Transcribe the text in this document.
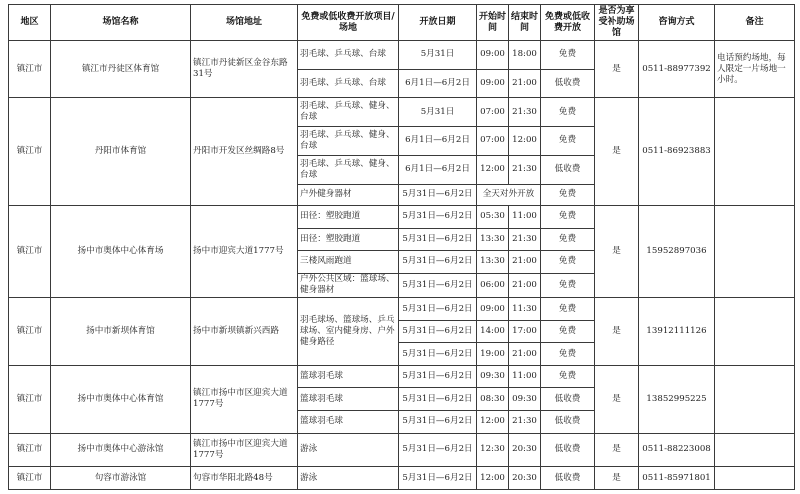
地区	场馆名称	场馆地址	免费或低收费开放项目/场地	开放日期	开始时间	结束时间	免费或低收费开放	是否为享受补助场馆	咨询方式	备注
镇江市	镇江市丹徒区体育馆	镇江市丹徒新区金谷东路31号	羽毛球、乒乓球、台球	5月31日	09:00	18:00	免费	是	0511-88977392	电话预约场地，每人限定一片场地一小时。
			羽毛球、乒乓球、台球	6月1日—6月2日	09:00	21:00	低收费			
镇江市	丹阳市体育馆	丹阳市开发区丝绸路8号	羽毛球、乒乓球、健身、台球	5月31日	07:00	21:30	免费	是	0511-86923883	
			羽毛球、乒乓球、健身、台球	6月1日—6月2日	07:00	12:00	免费			
			羽毛球、乒乓球、健身、台球	6月1日—6月2日	12:00	21:30	低收费			
			户外健身器材	5月31日—6月2日	全天对外开放		免费			
镇江市	扬中市奥体中心体育场	扬中市迎宾大道1777号	田径：塑胶跑道	5月31日—6月2日	05:30	11:00	免费	是	15952897036	
			田径：塑胶跑道	5月31日—6月2日	13:30	21:30	免费			
			三楼风雨跑道	5月31日—6月2日	13:30	21:00	免费			
			户外公共区域：篮球场、健身器材	5月31日—6月2日	06:00	21:00	免费			
镇江市	扬中市新坝体育馆	扬中市新坝镇新兴西路	羽毛球场、篮球场、乒乓球场、室内健身房、户外健身路径	5月31日—6月2日	09:00	11:30	免费	是	13912111126	
				5月31日—6月2日	14:00	17:00	免费			
				5月31日—6月2日	19:00	21:00	免费			
镇江市	扬中市奥体中心体育馆	镇江市扬中市区迎宾大道1777号	篮球羽毛球	5月31日—6月2日	09:30	11:00	免费	是	13852995225	
			篮球羽毛球	5月31日—6月2日	08:30	09:30	低收费			
			篮球羽毛球	5月31日—6月2日	12:00	21:30	低收费			
镇江市	扬中市奥体中心游泳馆	镇江市扬中市区迎宾大道1777号	游泳	5月31日—6月2日	12:30	20:30	低收费	是	0511-88223008	
镇江市	句容市游泳馆	句容市华阳北路48号	游泳	5月31日—6月2日	12:00	20:30	低收费	是	0511-85971801	
